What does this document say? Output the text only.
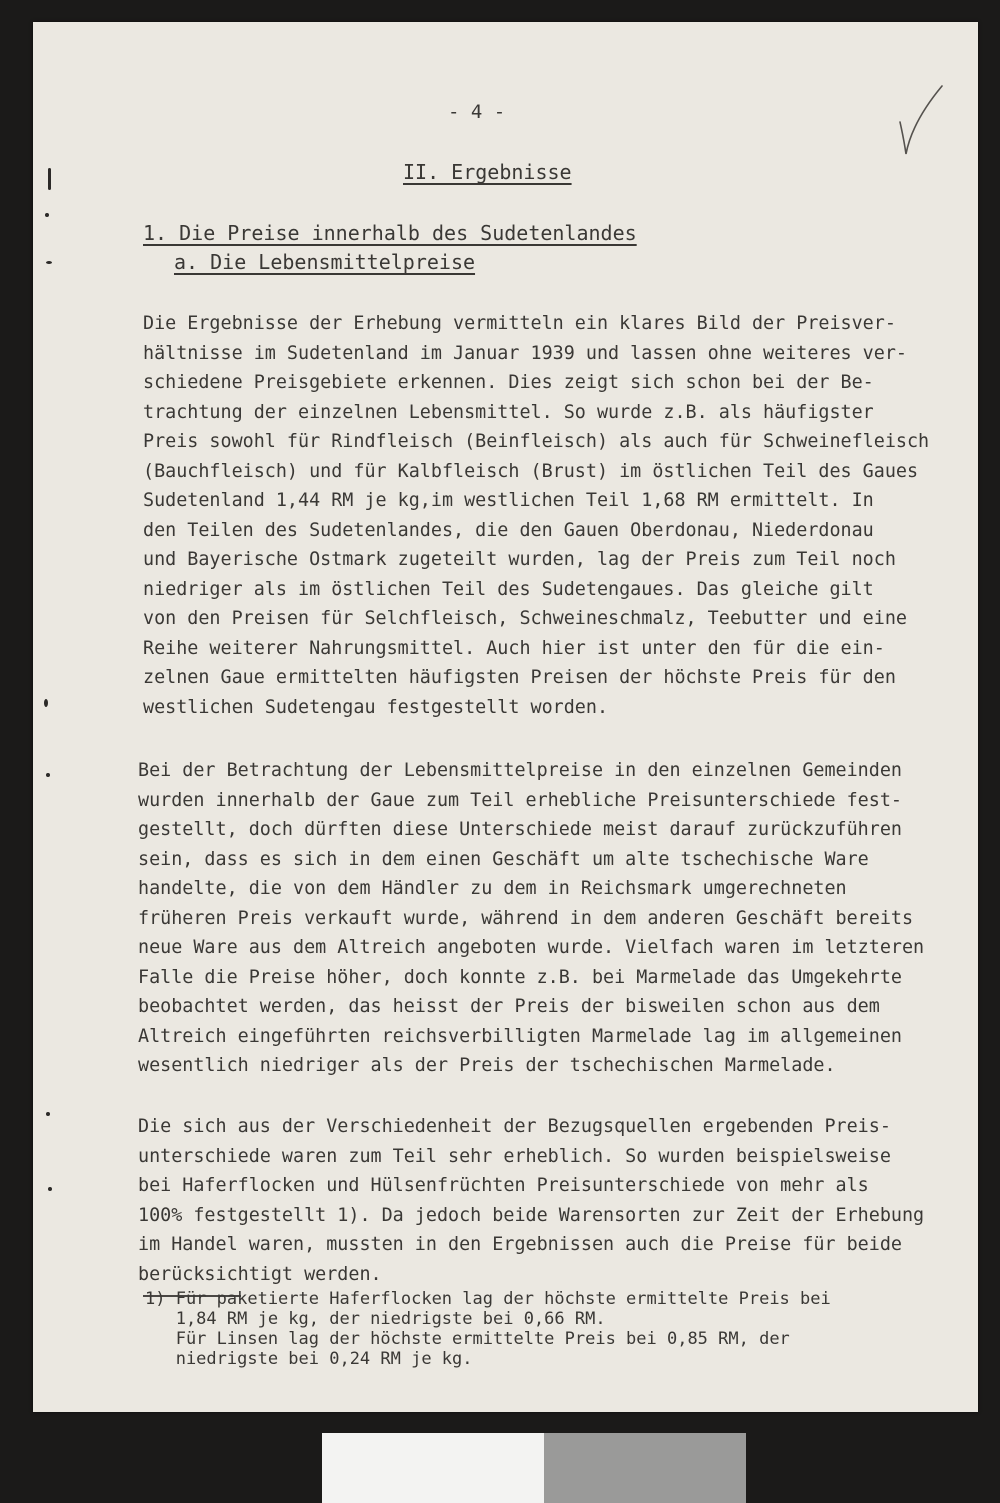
- 4 -
II. Ergebnisse
1. Die Preise innerhalb des Sudetenlandes
a. Die Lebensmittelpreise
Die Ergebnisse der Erhebung vermitteln ein klares Bild der Preisver-
hältnisse im Sudetenland im Januar 1939 und lassen ohne weiteres ver-
schiedene Preisgebiete erkennen. Dies zeigt sich schon bei der Be-
trachtung der einzelnen Lebensmittel. So wurde z.B. als häufigster
Preis sowohl für Rindfleisch (Beinfleisch) als auch für Schweinefleisch
(Bauchfleisch) und für Kalbfleisch (Brust) im östlichen Teil des Gaues
Sudetenland 1,44 RM je kg,im westlichen Teil 1,68 RM ermittelt. In
den Teilen des Sudetenlandes, die den Gauen Oberdonau, Niederdonau
und Bayerische Ostmark zugeteilt wurden, lag der Preis zum Teil noch
niedriger als im östlichen Teil des Sudetengaues. Das gleiche gilt
von den Preisen für Selchfleisch, Schweineschmalz, Teebutter und eine
Reihe weiterer Nahrungsmittel. Auch hier ist unter den für die ein-
zelnen Gaue ermittelten häufigsten Preisen der höchste Preis für den
westlichen Sudetengau festgestellt worden.
Bei der Betrachtung der Lebensmittelpreise in den einzelnen Gemeinden
wurden innerhalb der Gaue zum Teil erhebliche Preisunterschiede fest-
gestellt, doch dürften diese Unterschiede meist darauf zurückzuführen
sein, dass es sich in dem einen Geschäft um alte tschechische Ware
handelte, die von dem Händler zu dem in Reichsmark umgerechneten
früheren Preis verkauft wurde, während in dem anderen Geschäft bereits
neue Ware aus dem Altreich angeboten wurde. Vielfach waren im letzteren
Falle die Preise höher, doch konnte z.B. bei Marmelade das Umgekehrte
beobachtet werden, das heisst der Preis der bisweilen schon aus dem
Altreich eingeführten reichsverbilligten Marmelade lag im allgemeinen
wesentlich niedriger als der Preis der tschechischen Marmelade.
Die sich aus der Verschiedenheit der Bezugsquellen ergebenden Preis-
unterschiede waren zum Teil sehr erheblich. So wurden beispielsweise
bei Haferflocken und Hülsenfrüchten Preisunterschiede von mehr als
100% festgestellt 1). Da jedoch beide Warensorten zur Zeit der Erhebung
im Handel waren, mussten in den Ergebnissen auch die Preise für beide
berücksichtigt werden.
1) Für paketierte Haferflocken lag der höchste ermittelte Preis bei
1,84 RM je kg, der niedrigste bei 0,66 RM.
Für Linsen lag der höchste ermittelte Preis bei 0,85 RM, der
niedrigste bei 0,24 RM je kg.
